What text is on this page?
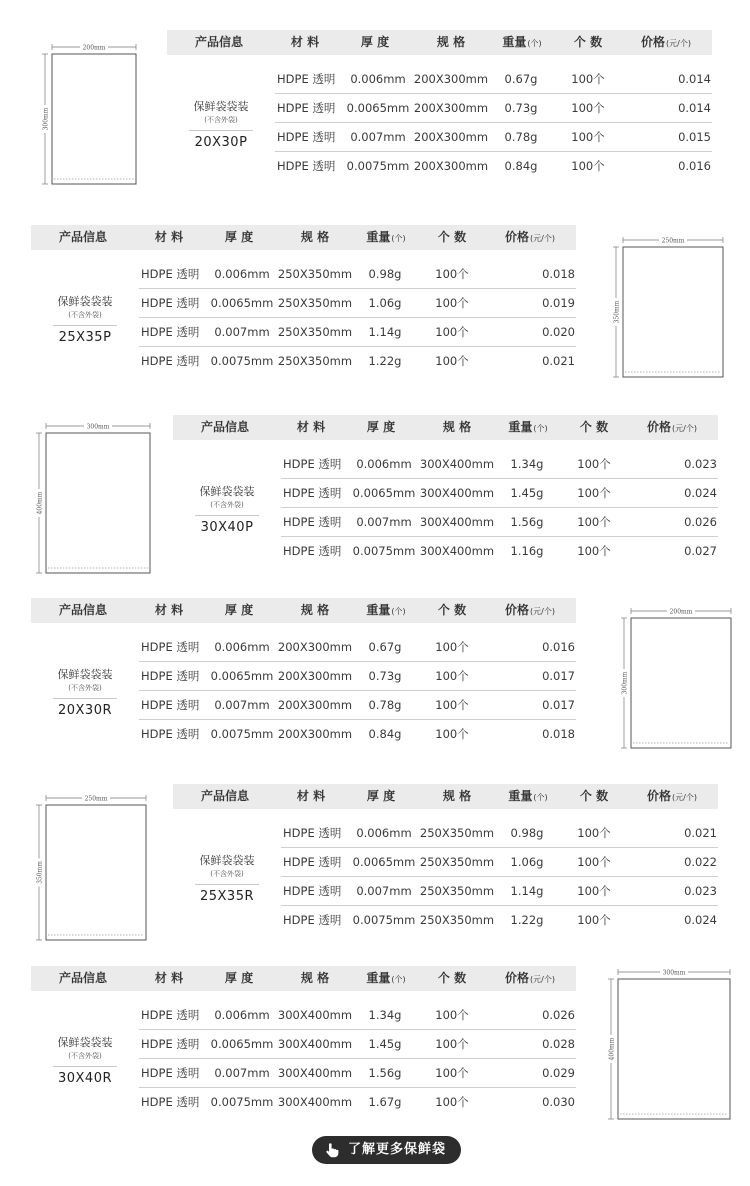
产品信息	材 料	厚 度	规 格	重量(个)	个 数	价格(元/个)
保鲜袋袋装
(不含外袋)
20X30P
HDPE 透明	0.006mm 200X300mm	0.67g	100个	0.014
HDPE 透明 0.0065mm 200X300mm	0.73g	100个	0.014
HDPE 透明	0.007mm 200X300mm	0.78g	100个	0.015
HDPE 透明 0.0075mm 200X300mm	0.84g	100个	0.016
200mm
300mm
产品信息	材 料	厚 度	规 格	重量(个)	个 数	价格(元/个)
保鲜袋袋装
(不含外袋)
25X35P
HDPE 透明	0.006mm 250X350mm	0.98g	100个	0.018
HDPE 透明 0.0065mm 250X350mm	1.06g	100个	0.019
HDPE 透明	0.007mm 250X350mm	1.14g	100个	0.020
HDPE 透明 0.0075mm 250X350mm	1.22g	100个	0.021
250mm
350mm
产品信息	材 料	厚 度	规 格	重量(个)	个 数	价格(元/个)
保鲜袋袋装
(不含外袋)
30X40P
HDPE 透明	0.006mm 300X400mm	1.34g	100个	0.023
HDPE 透明 0.0065mm 300X400mm	1.45g	100个	0.024
HDPE 透明	0.007mm 300X400mm	1.56g	100个	0.026
HDPE 透明 0.0075mm 300X400mm	1.16g	100个	0.027
300mm
400mm
产品信息	材 料	厚 度	规 格	重量(个)	个 数	价格(元/个)
保鲜袋袋装
(不含外袋)
20X30R
HDPE 透明	0.006mm 200X300mm	0.67g	100个	0.016
HDPE 透明 0.0065mm 200X300mm	0.73g	100个	0.017
HDPE 透明	0.007mm 200X300mm	0.78g	100个	0.017
HDPE 透明 0.0075mm 200X300mm	0.84g	100个	0.018
200mm
300mm
产品信息	材 料	厚 度	规 格	重量(个)	个 数	价格(元/个)
保鲜袋袋装
(不含外袋)
25X35R
HDPE 透明	0.006mm 250X350mm	0.98g	100个	0.021
HDPE 透明 0.0065mm 250X350mm	1.06g	100个	0.022
HDPE 透明	0.007mm 250X350mm	1.14g	100个	0.023
HDPE 透明 0.0075mm 250X350mm	1.22g	100个	0.024
250mm
350mm
产品信息	材 料	厚 度	规 格	重量(个)	个 数	价格(元/个)
保鲜袋袋装
(不含外袋)
30X40R
HDPE 透明	0.006mm 300X400mm	1.34g	100个	0.026
HDPE 透明 0.0065mm 300X400mm	1.45g	100个	0.028
HDPE 透明	0.007mm 300X400mm	1.56g	100个	0.029
HDPE 透明 0.0075mm 300X400mm	1.67g	100个	0.030
300mm
400mm
了解更多保鲜袋
